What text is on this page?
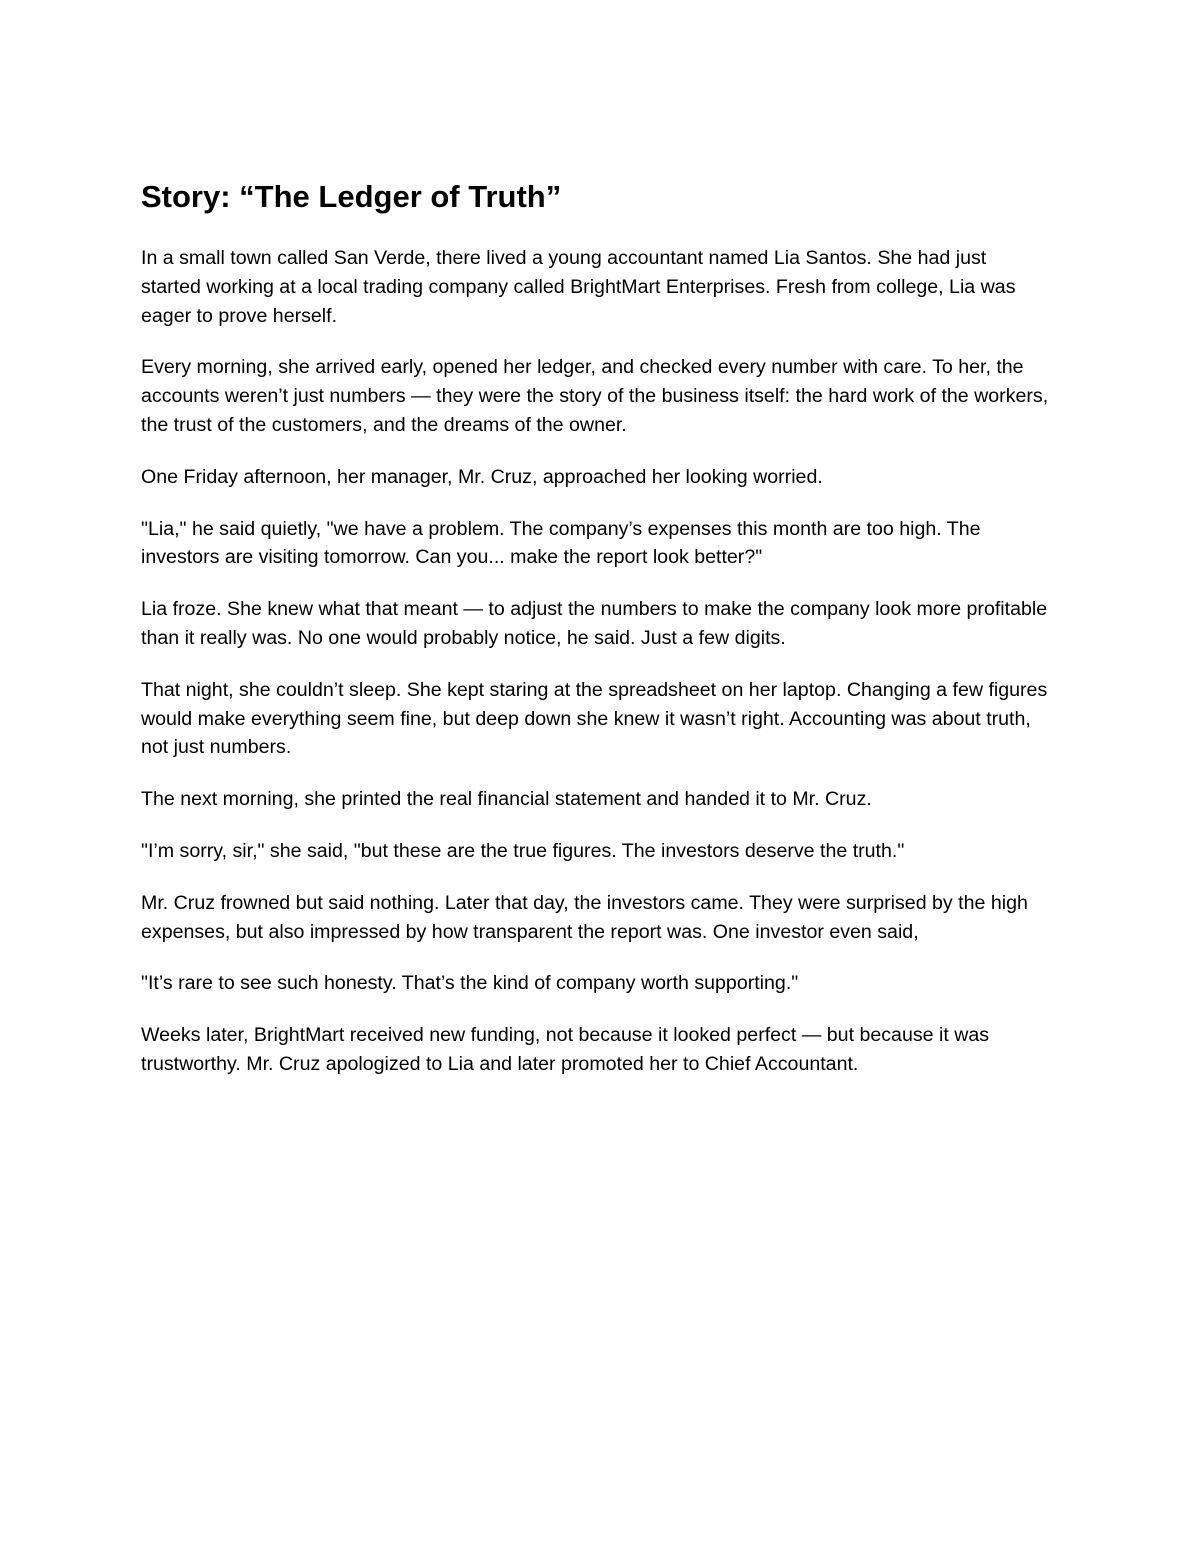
Story: “The Ledger of Truth”

In a small town called San Verde, there lived a young accountant named Lia Santos. She had just started working at a local trading company called BrightMart Enterprises. Fresh from college, Lia was eager to prove herself.

Every morning, she arrived early, opened her ledger, and checked every number with care. To her, the accounts weren’t just numbers — they were the story of the business itself: the hard work of the workers, the trust of the customers, and the dreams of the owner.

One Friday afternoon, her manager, Mr. Cruz, approached her looking worried.

"Lia," he said quietly, "we have a problem. The company’s expenses this month are too high. The investors are visiting tomorrow. Can you... make the report look better?"

Lia froze. She knew what that meant — to adjust the numbers to make the company look more profitable than it really was. No one would probably notice, he said. Just a few digits.

That night, she couldn’t sleep. She kept staring at the spreadsheet on her laptop. Changing a few figures would make everything seem fine, but deep down she knew it wasn’t right. Accounting was about truth, not just numbers.

The next morning, she printed the real financial statement and handed it to Mr. Cruz.

"I’m sorry, sir," she said, "but these are the true figures. The investors deserve the truth."

Mr. Cruz frowned but said nothing. Later that day, the investors came. They were surprised by the high expenses, but also impressed by how transparent the report was. One investor even said,

"It’s rare to see such honesty. That’s the kind of company worth supporting."

Weeks later, BrightMart received new funding, not because it looked perfect — but because it was trustworthy. Mr. Cruz apologized to Lia and later promoted her to Chief Accountant.
